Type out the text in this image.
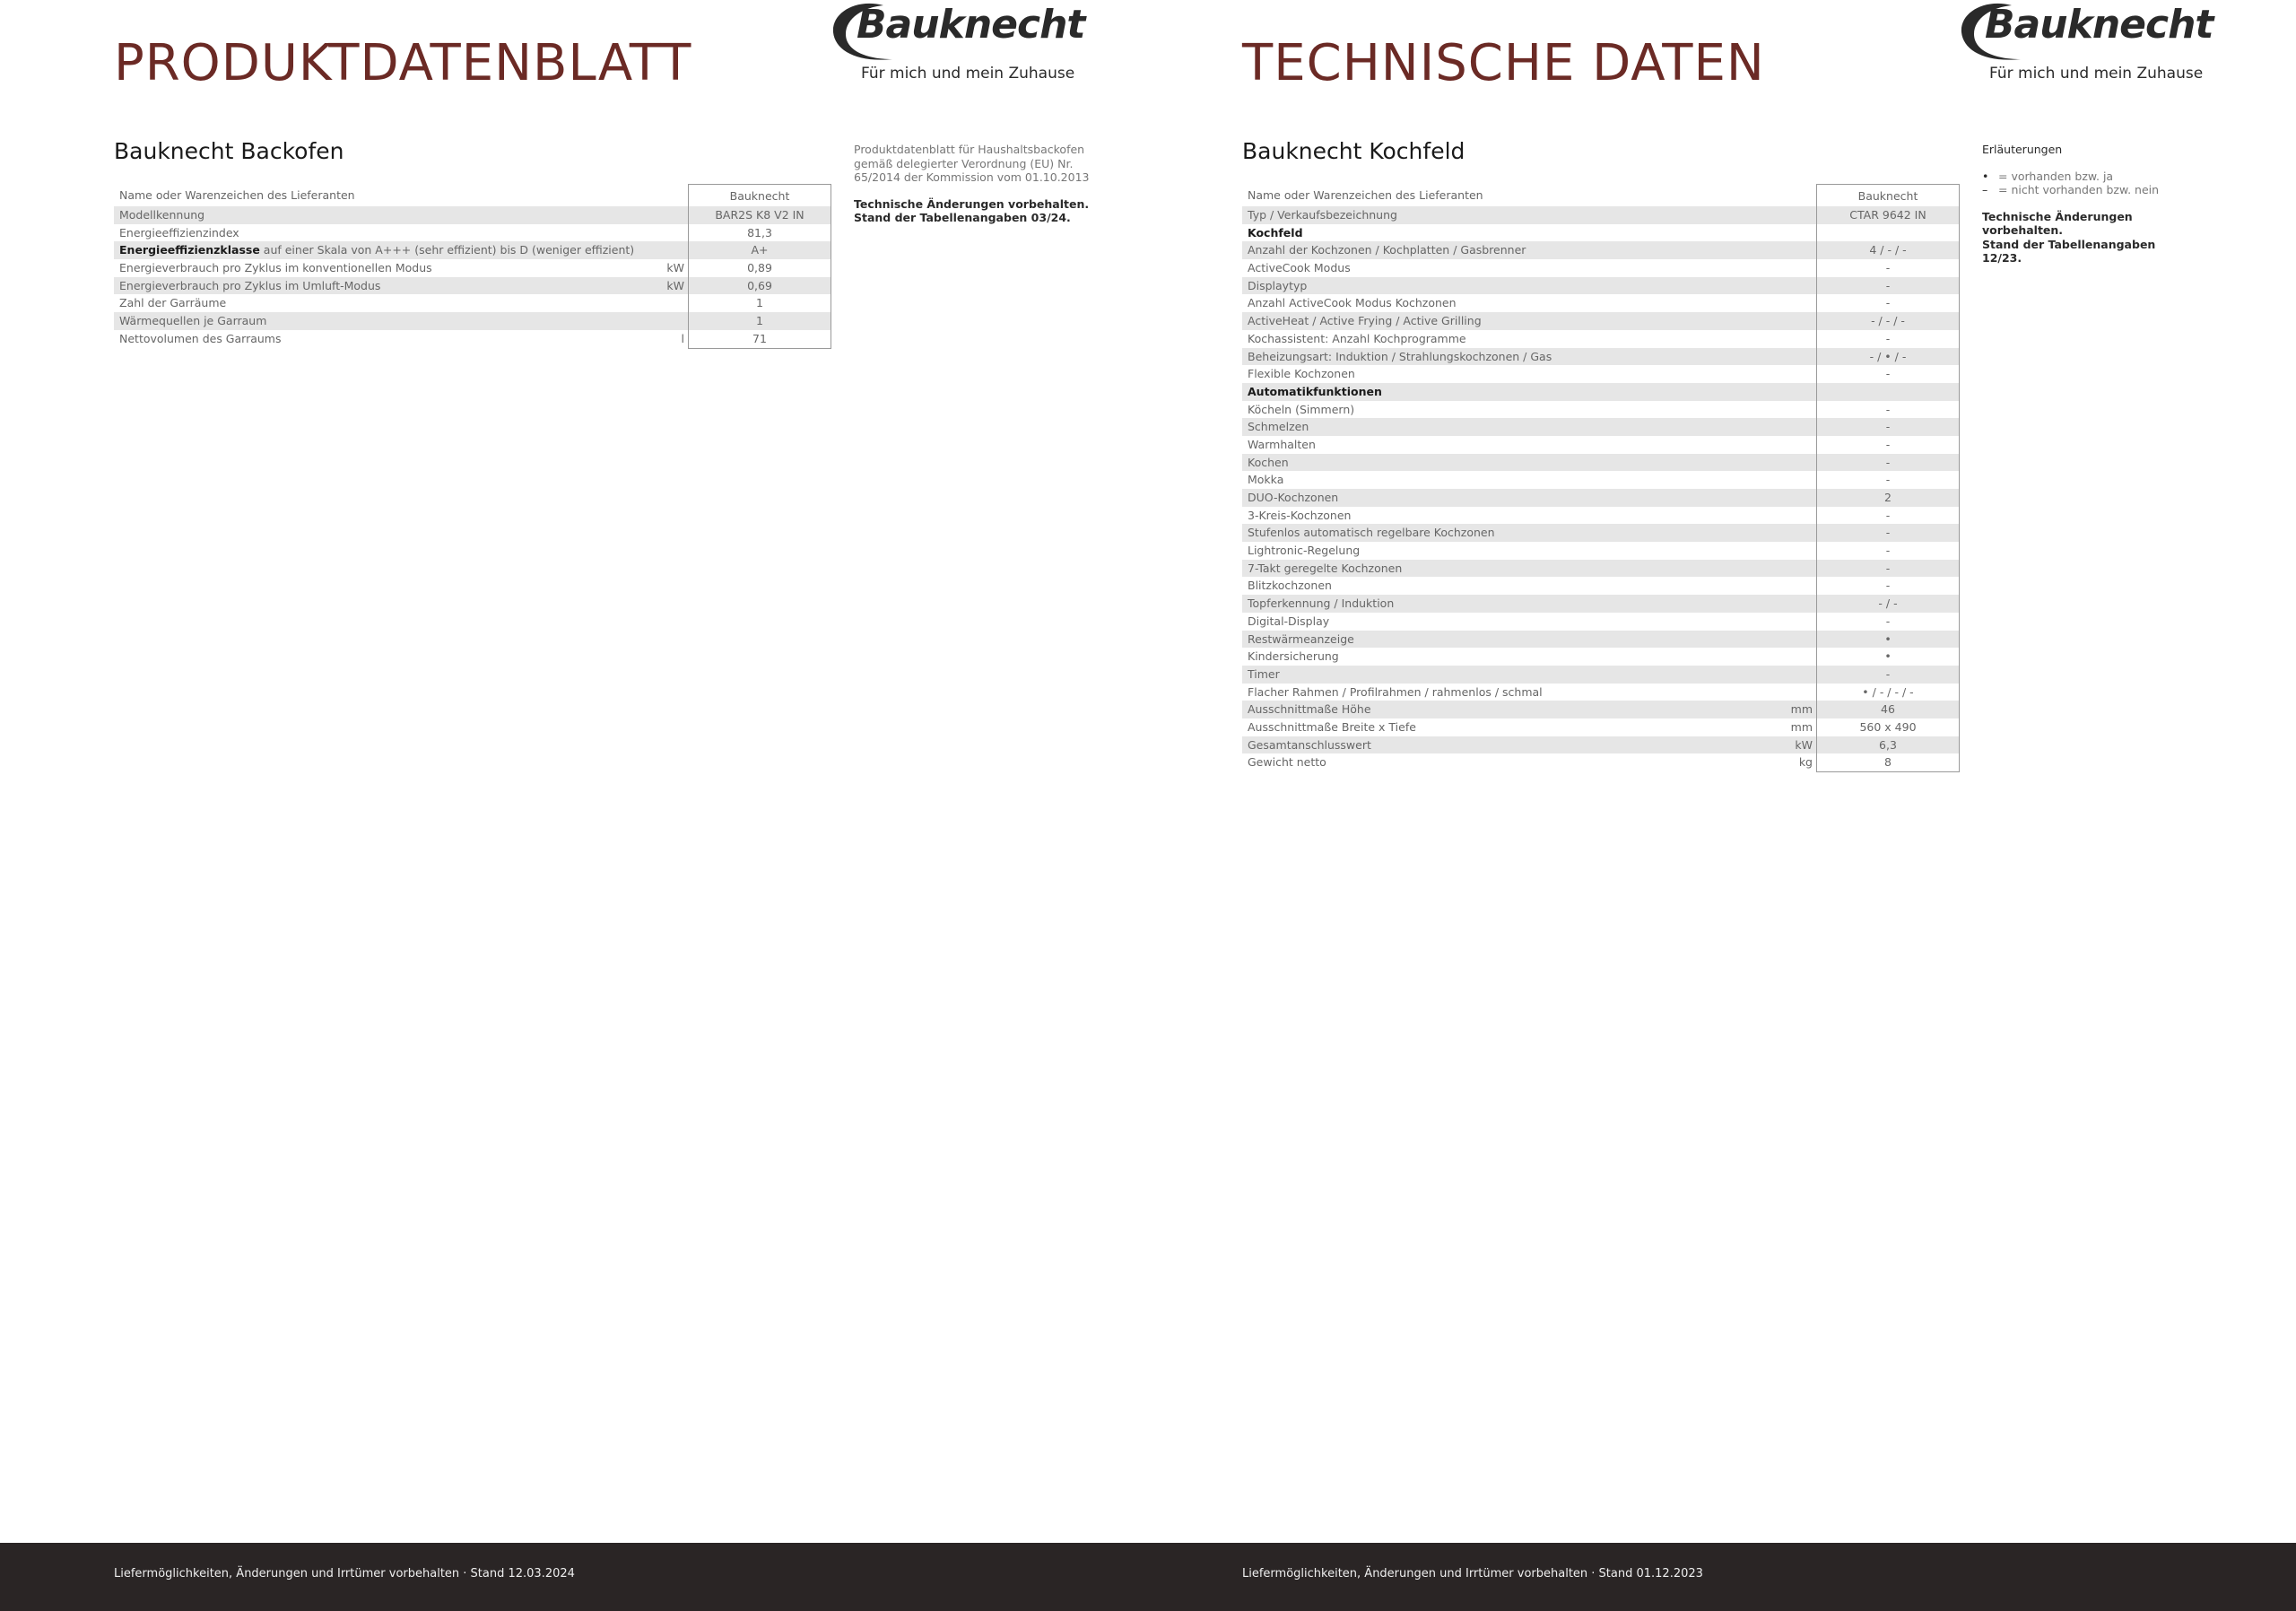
PRODUKTDATENBLATT
Bauknecht
Für mich und mein Zuhause
Bauknecht Backofen	Produktdatenblatt für Haushaltsbackofen
gemäß delegierter Verordnung (EU) Nr.
65/2014 der Kommission vom 01.10.2013
Technische Änderungen vorbehalten.
Stand der Tabellenangaben 03/24.
Name oder Warenzeichen des Lieferanten	Bauknecht
Modellkennung	BAR2S K8 V2 IN
Energieeffizienzindex	81,3
Energieeffizienzklasse auf einer Skala von A+++ (sehr effizient) bis D (weniger effizient)	A+
Energieverbrauch pro Zyklus im konventionellen Modus	kW	0,89
Energieverbrauch pro Zyklus im Umluft-Modus	kW	0,69
Zahl der Garräume	1
Wärmequellen je Garraum	1
Nettovolumen des Garraums	l	71
TECHNISCHE DATEN
Bauknecht
Für mich und mein Zuhause
Bauknecht Kochfeld	Erläuterungen
• = vorhanden bzw. ja
– = nicht vorhanden bzw. nein
Technische Änderungen vorbehalten.
Stand der Tabellenangaben 12/23.
Name oder Warenzeichen des Lieferanten	Bauknecht
Typ / Verkaufsbezeichnung	CTAR 9642 IN
Kochfeld
Anzahl der Kochzonen / Kochplatten / Gasbrenner	4 / - / -
ActiveCook Modus	-
Displaytyp	-
Anzahl ActiveCook Modus Kochzonen	-
ActiveHeat / Active Frying / Active Grilling	- / - / -
Kochassistent: Anzahl Kochprogramme	-
Beheizungsart: Induktion / Strahlungskochzonen / Gas	- / • / -
Flexible Kochzonen	-
Automatikfunktionen
Köcheln (Simmern)	-
Schmelzen	-
Warmhalten	-
Kochen	-
Mokka	-
DUO-Kochzonen	2
3-Kreis-Kochzonen	-
Stufenlos automatisch regelbare Kochzonen	-
Lightronic-Regelung	-
7-Takt geregelte Kochzonen	-
Blitzkochzonen	-
Topferkennung / Induktion	- / -
Digital-Display	-
Restwärmeanzeige	•
Kindersicherung	•
Timer	-
Flacher Rahmen / Profilrahmen / rahmenlos / schmal	• / - / - / -
Ausschnittmaße Höhe	mm	46
Ausschnittmaße Breite x Tiefe	mm	560 x 490
Gesamtanschlusswert	kW	6,3
Gewicht netto	kg	8
Liefermöglichkeiten, Änderungen und Irrtümer vorbehalten · Stand 12.03.2024	Liefermöglichkeiten, Änderungen und Irrtümer vorbehalten · Stand 01.12.2023
